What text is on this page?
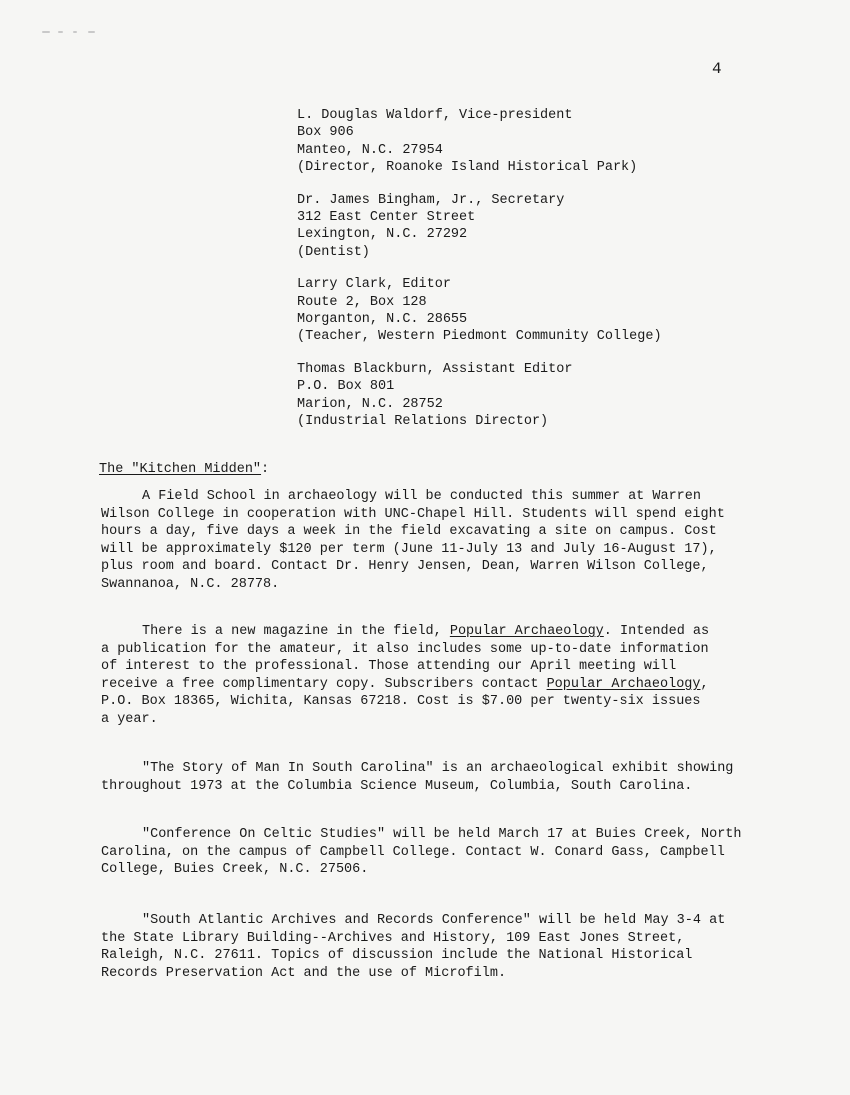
4
L. Douglas Waldorf, Vice-president
Box 906
Manteo, N.C. 27954
(Director, Roanoke Island Historical Park)
Dr. James Bingham, Jr., Secretary
312 East Center Street
Lexington, N.C. 27292
(Dentist)
Larry Clark, Editor
Route 2, Box 128
Morganton, N.C. 28655
(Teacher, Western Piedmont Community College)
Thomas Blackburn, Assistant Editor
P.O. Box 801
Marion, N.C. 28752
(Industrial Relations Director)
The "Kitchen Midden":
A Field School in archaeology will be conducted this summer at Warren
Wilson College in cooperation with UNC-Chapel Hill. Students will spend eight
hours a day, five days a week in the field excavating a site on campus. Cost
will be approximately $120 per term (June 11-July 13 and July 16-August 17),
plus room and board. Contact Dr. Henry Jensen, Dean, Warren Wilson College,
Swannanoa, N.C. 28778.
There is a new magazine in the field, Popular Archaeology. Intended as
a publication for the amateur, it also includes some up-to-date information
of interest to the professional. Those attending our April meeting will
receive a free complimentary copy. Subscribers contact Popular Archaeology,
P.O. Box 18365, Wichita, Kansas 67218. Cost is $7.00 per twenty-six issues
a year.
"The Story of Man In South Carolina" is an archaeological exhibit showing
throughout 1973 at the Columbia Science Museum, Columbia, South Carolina.
"Conference On Celtic Studies" will be held March 17 at Buies Creek, North
Carolina, on the campus of Campbell College. Contact W. Conard Gass, Campbell
College, Buies Creek, N.C. 27506.
"South Atlantic Archives and Records Conference" will be held May 3-4 at
the State Library Building--Archives and History, 109 East Jones Street,
Raleigh, N.C. 27611. Topics of discussion include the National Historical
Records Preservation Act and the use of Microfilm.
